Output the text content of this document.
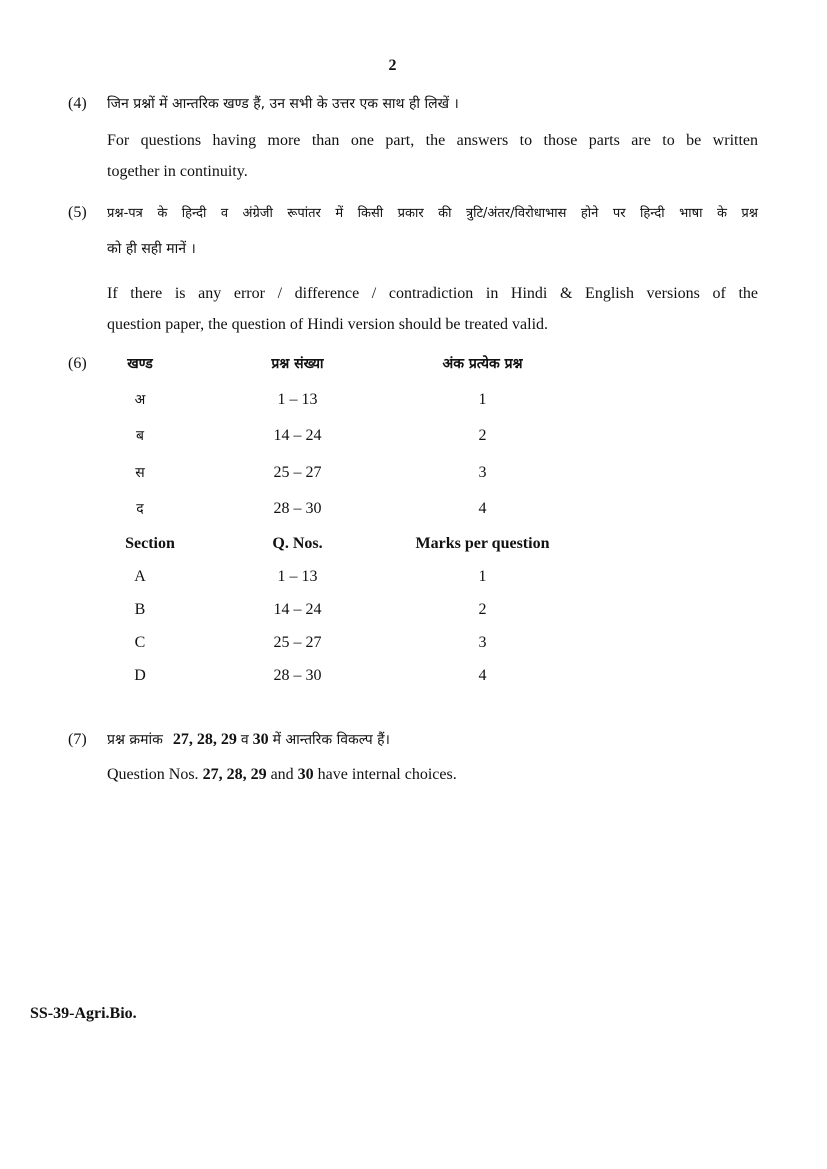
2
(4) जिन प्रश्नों में आन्तरिक खण्ड हैं, उन सभी के उत्तर एक साथ ही लिखें ।
For questions having more than one part, the answers to those parts are to be written
together in continuity.
(5) प्रश्न-पत्र के हिन्दी व अंग्रेजी रूपांतर में किसी प्रकार की त्रुटि/अंतर/विरोधाभास होने पर हिन्दी भाषा के प्रश्न
को ही सही मानें ।
If there is any error / difference / contradiction in Hindi & English versions of the
question paper, the question of Hindi version should be treated valid.
(6)	खण्ड	प्रश्न संख्या	अंक प्रत्येक प्रश्न
अ	1 – 13	1
ब	14 – 24	2
स	25 – 27	3
द	28 – 30	4
Section	Q. Nos.	Marks per question
A	1 – 13	1
B	14 – 24	2
C	25 – 27	3
D	28 – 30	4
(7) प्रश्न क्रमांक 27, 28, 29 व 30 में आन्तरिक विकल्प हैं।
Question Nos. 27, 28, 29 and 30 have internal choices.
SS-39-Agri.Bio.
